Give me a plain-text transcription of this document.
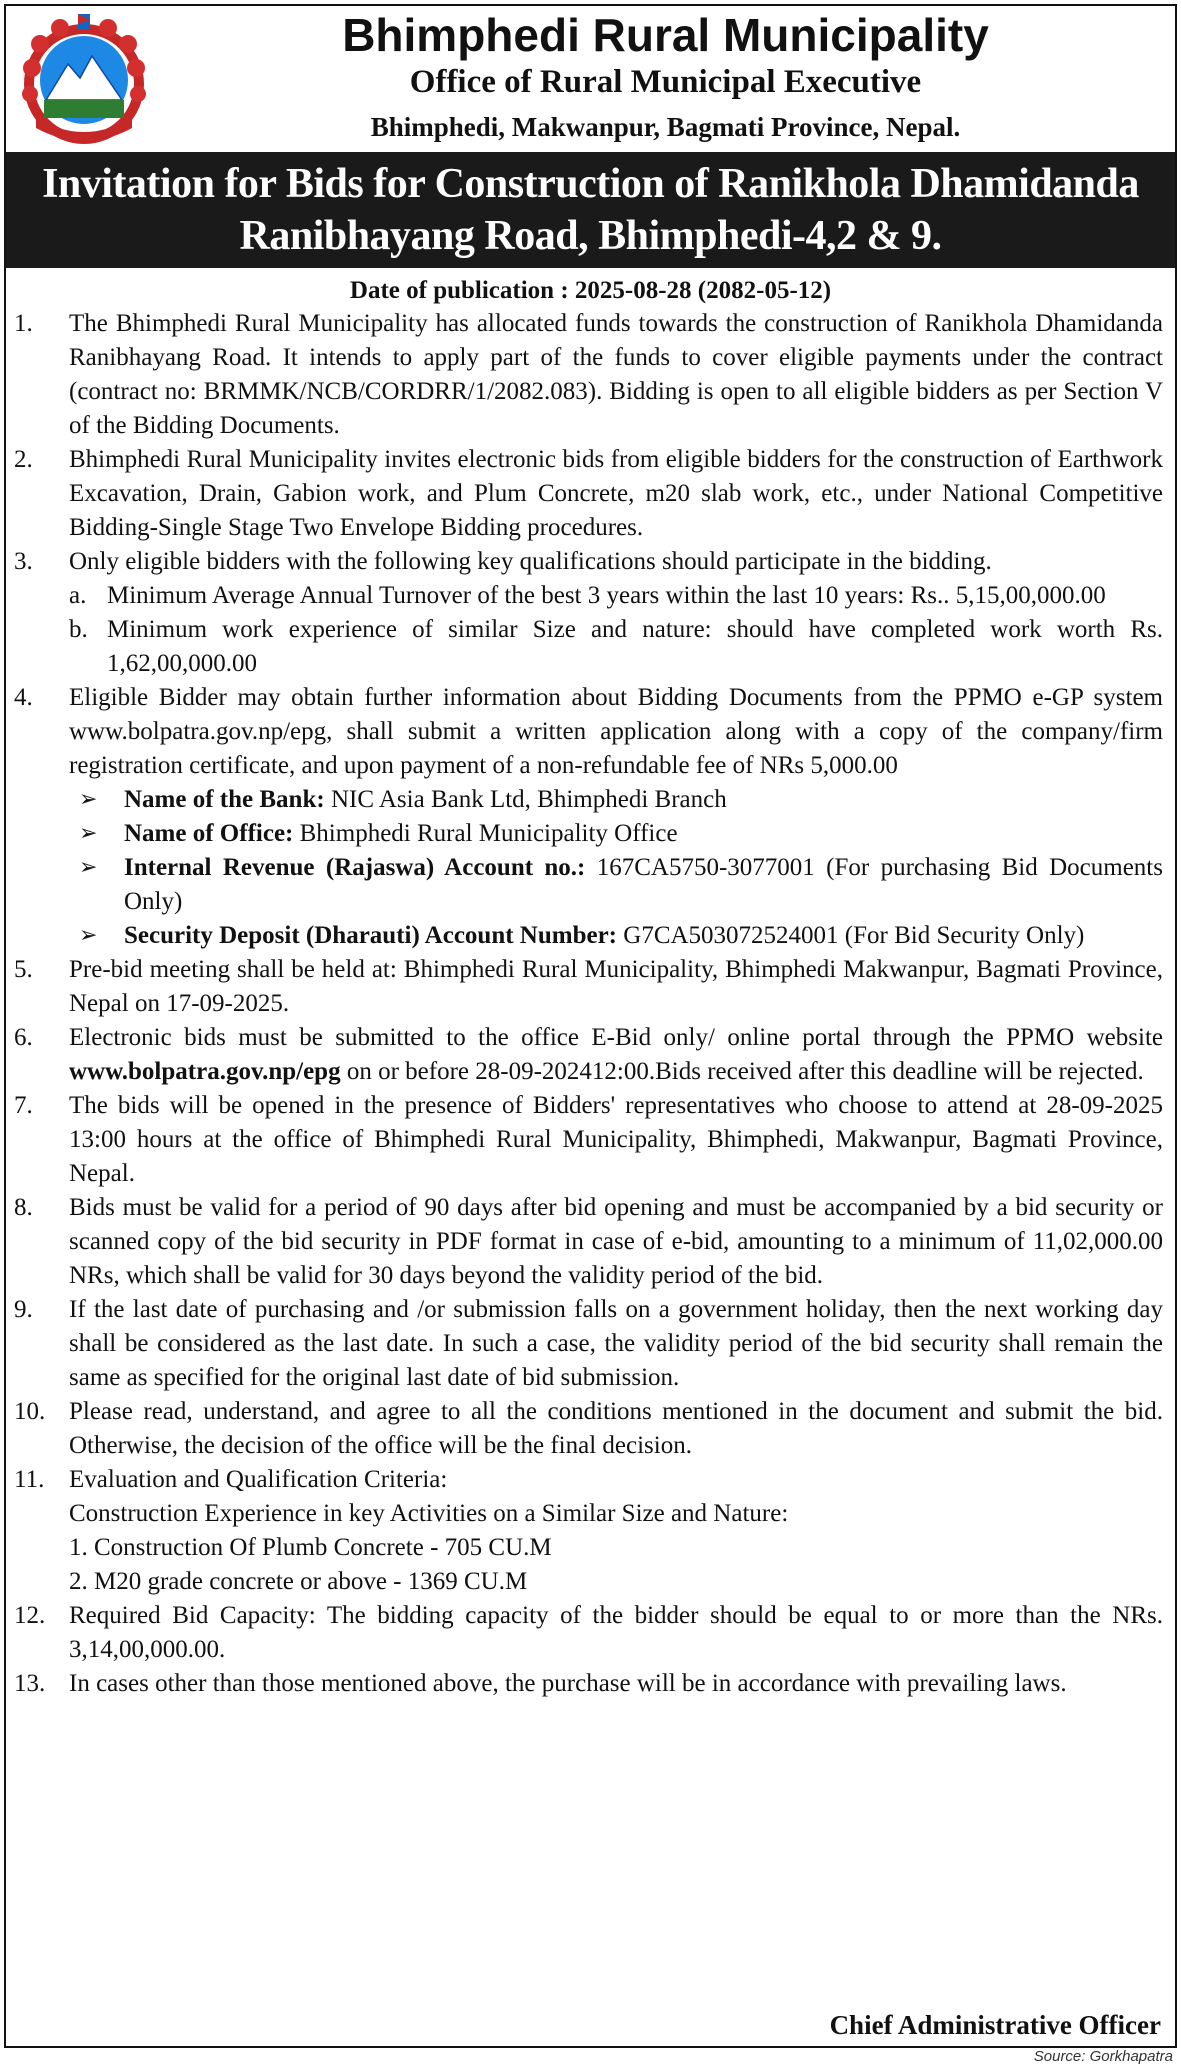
Bhimphedi Rural Municipality
Office of Rural Municipal Executive
Bhimphedi, Makwanpur, Bagmati Province, Nepal.
Invitation for Bids for Construction of Ranikhola Dhamidanda
Ranibhayang Road, Bhimphedi-4,2 & 9.
Date of publication : 2025-08-28 (2082-05-12)
1. The Bhimphedi Rural Municipality has allocated funds towards the construction of Ranikhola Dhamidanda Ranibhayang Road. It intends to apply part of the funds to cover eligible payments under the contract (contract no: BRMMK/NCB/CORDRR/1/2082.083). Bidding is open to all eligible bidders as per Section V of the Bidding Documents.

2. Bhimphedi Rural Municipality invites electronic bids from eligible bidders for the construction of Earthwork Excavation, Drain, Gabion work, and Plum Concrete, m20 slab work, etc., under National Competitive Bidding-Single Stage Two Envelope Bidding procedures.

3. Only eligible bidders with the following key qualifications should participate in the bidding.

a. Minimum Average Annual Turnover of the best 3 years within the last 10 years: Rs.. 5,15,00,000.00

b. Minimum work experience of similar Size and nature: should have completed work worth Rs. 1,62,00,000.00

4. Eligible Bidder may obtain further information about Bidding Documents from the PPMO e-GP system www.bolpatra.gov.np/epg, shall submit a written application along with a copy of the company/firm registration certificate, and upon payment of a non-refundable fee of NRs 5,000.00

➢ Name of the Bank: NIC Asia Bank Ltd, Bhimphedi Branch

➢ Name of Office: Bhimphedi Rural Municipality Office

➢ Internal Revenue (Rajaswa) Account no.: 167CA5750-3077001 (For purchasing Bid Documents Only)

➢ Security Deposit (Dharauti) Account Number: G7CA503072524001 (For Bid Security Only)

5. Pre-bid meeting shall be held at: Bhimphedi Rural Municipality, Bhimphedi Makwanpur, Bagmati Province, Nepal on 17-09-2025.

6. Electronic bids must be submitted to the office E-Bid only/ online portal through the PPMO website www.bolpatra.gov.np/epg on or before 28-09-202412:00.Bids received after this deadline will be rejected.

7. The bids will be opened in the presence of Bidders' representatives who choose to attend at 28-09-2025 13:00 hours at the office of Bhimphedi Rural Municipality, Bhimphedi, Makwanpur, Bagmati Province, Nepal.

8. Bids must be valid for a period of 90 days after bid opening and must be accompanied by a bid security or scanned copy of the bid security in PDF format in case of e-bid, amounting to a minimum of 11,02,000.00 NRs, which shall be valid for 30 days beyond the validity period of the bid.

9. If the last date of purchasing and /or submission falls on a government holiday, then the next working day shall be considered as the last date. In such a case, the validity period of the bid security shall remain the same as specified for the original last date of bid submission.

10. Please read, understand, and agree to all the conditions mentioned in the document and submit the bid. Otherwise, the decision of the office will be the final decision.

11. Evaluation and Qualification Criteria:

Construction Experience in key Activities on a Similar Size and Nature:

1. Construction Of Plumb Concrete - 705 CU.M

2. M20 grade concrete or above - 1369 CU.M

12. Required Bid Capacity: The bidding capacity of the bidder should be equal to or more than the NRs. 3,14,00,000.00.

13. In cases other than those mentioned above, the purchase will be in accordance with prevailing laws.

Chief Administrative Officer
Source: Gorkhapatra
